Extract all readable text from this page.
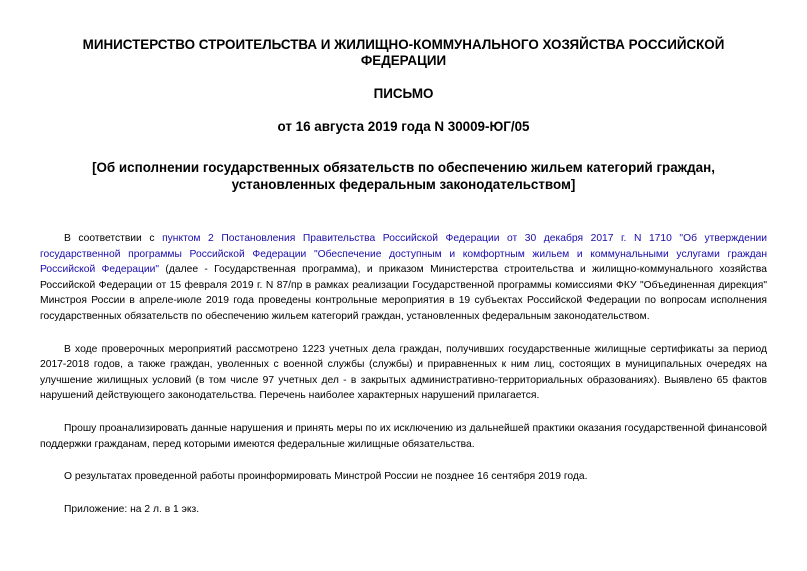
МИНИСТЕРСТВО СТРОИТЕЛЬСТВА И ЖИЛИЩНО-КОММУНАЛЬНОГО ХОЗЯЙСТВА РОССИЙСКОЙ ФЕДЕРАЦИИ

ПИСЬМО

от 16 августа 2019 года N 30009-ЮГ/05

[Об исполнении государственных обязательств по обеспечению жильем категорий граждан, установленных федеральным законодательством]

В соответствии с пунктом 2 Постановления Правительства Российской Федерации от 30 декабря 2017 г. N 1710 "Об утверждении государственной программы Российской Федерации "Обеспечение доступным и комфортным жильем и коммунальными услугами граждан Российской Федерации" (далее - Государственная программа), и приказом Министерства строительства и жилищно-коммунального хозяйства Российской Федерации от 15 февраля 2019 г. N 87/пр в рамках реализации Государственной программы комиссиями ФКУ "Объединенная дирекция" Минстроя России в апреле-июле 2019 года проведены контрольные мероприятия в 19 субъектах Российской Федерации по вопросам исполнения государственных обязательств по обеспечению жильем категорий граждан, установленных федеральным законодательством.

В ходе проверочных мероприятий рассмотрено 1223 учетных дела граждан, получивших государственные жилищные сертификаты за период 2017-2018 годов, а также граждан, уволенных с военной службы (службы) и приравненных к ним лиц, состоящих в муниципальных очередях на улучшение жилищных условий (в том числе 97 учетных дел - в закрытых административно-территориальных образованиях). Выявлено 65 фактов нарушений действующего законодательства. Перечень наиболее характерных нарушений прилагается.

Прошу проанализировать данные нарушения и принять меры по их исключению из дальнейшей практики оказания государственной финансовой поддержки гражданам, перед которыми имеются федеральные жилищные обязательства.

О результатах проведенной работы проинформировать Минстрой России не позднее 16 сентября 2019 года.

Приложение: на 2 л. в 1 экз.
